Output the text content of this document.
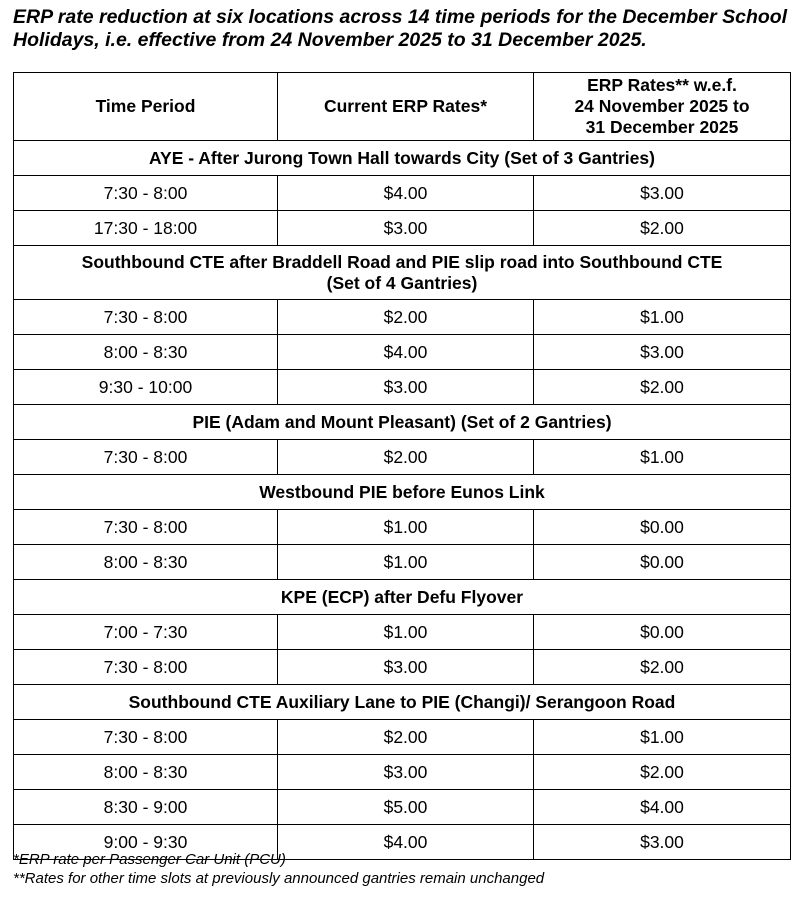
ERP rate reduction at six locations across 14 time periods for the December School Holidays, i.e. effective from 24 November 2025 to 31 December 2025.

Time Period	Current ERP Rates*	ERP Rates** w.e.f.
24 November 2025 to
31 December 2025

AYE - After Jurong Town Hall towards City (Set of 3 Gantries)		

7:30 - 8:00	$4.00	$3.00
17:30 - 18:00	$3.00	$2.00

Southbound CTE after Braddell Road and PIE slip road into Southbound CTE
(Set of 4 Gantries)		

7:30 - 8:00	$2.00	$1.00
8:00 - 8:30	$4.00	$3.00
9:30 - 10:00	$3.00	$2.00

PIE (Adam and Mount Pleasant) (Set of 2 Gantries)		

7:30 - 8:00	$2.00	$1.00

Westbound PIE before Eunos Link		

7:30 - 8:00	$1.00	$0.00
8:00 - 8:30	$1.00	$0.00

KPE (ECP) after Defu Flyover		

7:00 - 7:30	$1.00	$0.00
7:30 - 8:00	$3.00	$2.00

Southbound CTE Auxiliary Lane to PIE (Changi)/ Serangoon Road		

7:30 - 8:00	$2.00	$1.00
8:00 - 8:30	$3.00	$2.00
8:30 - 9:00	$5.00	$4.00
9:00 - 9:30	$4.00	$3.00
*ERP rate per Passenger Car Unit (PCU)
**Rates for other time slots at previously announced gantries remain unchanged
